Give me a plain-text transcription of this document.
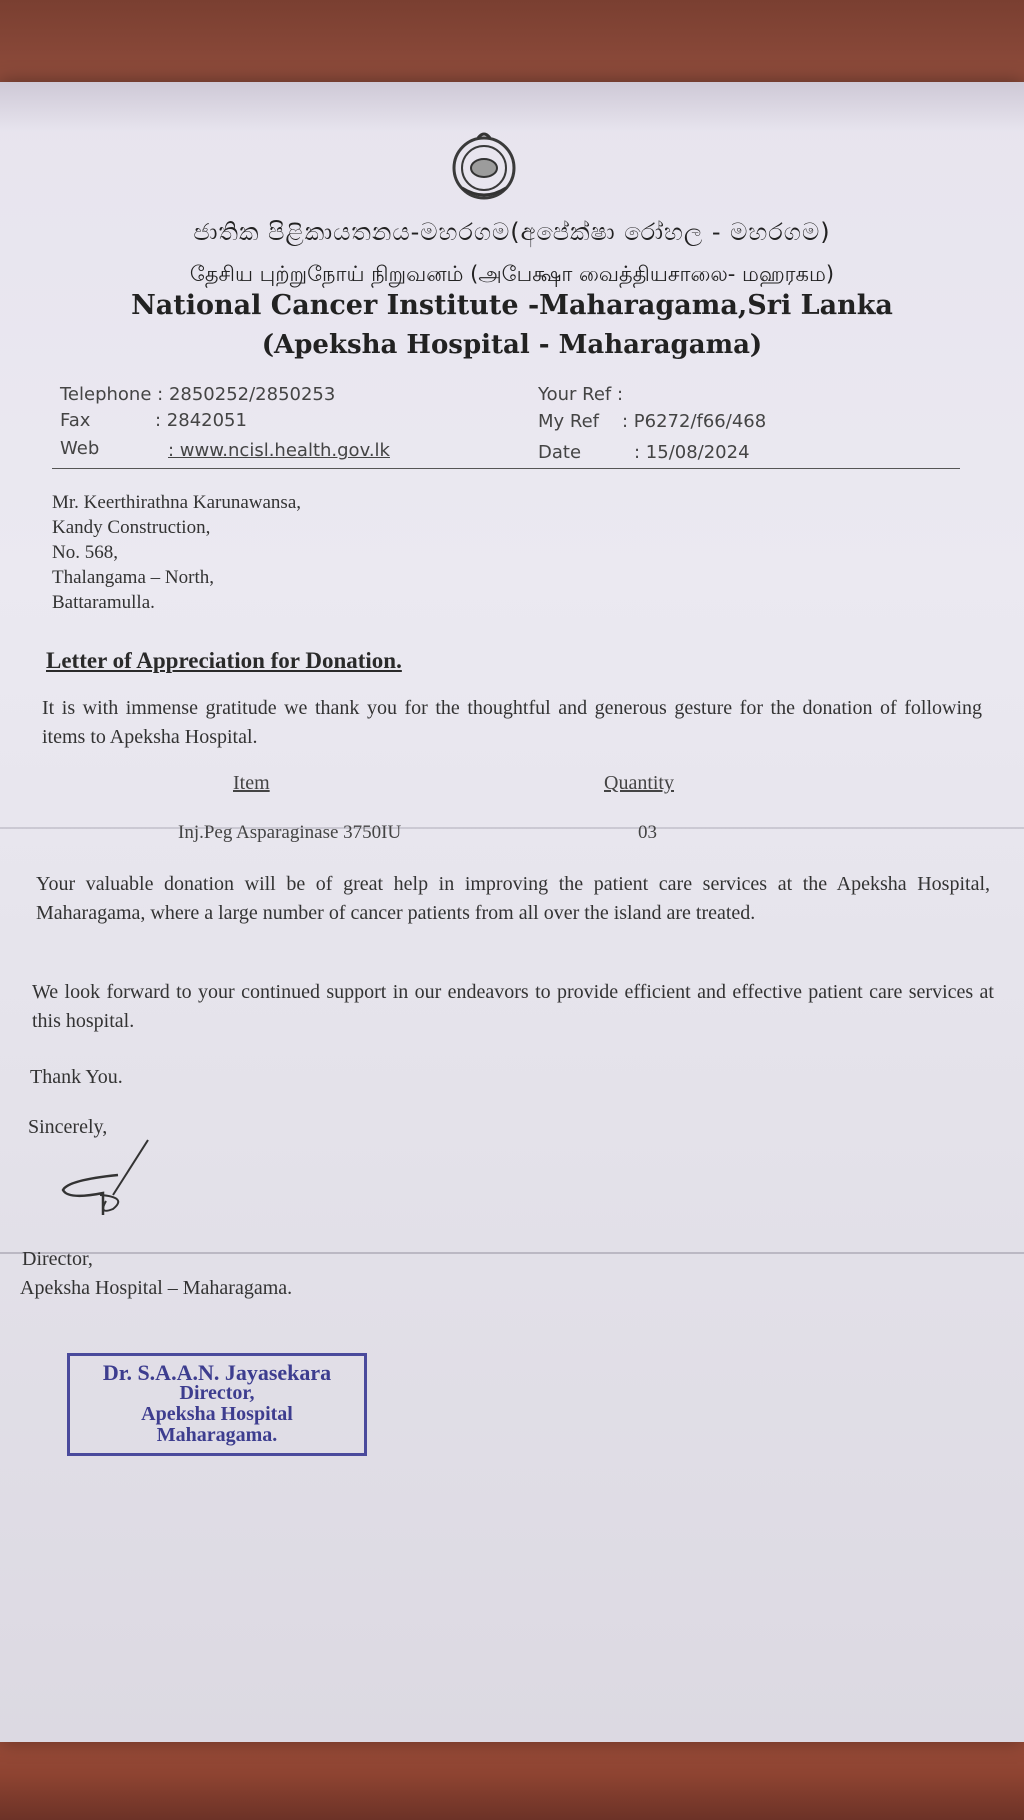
ජාතික පිළිකායතනය-මහරගම(අපේක්ෂා රෝහල - මහරගම)
தேசிய புற்றுநோய் நிறுவனம் (அபேக்ஷா வைத்தியசாலை- மஹரகம)
National Cancer Institute -Maharagama,Sri Lanka
(Apeksha Hospital - Maharagama)
Telephone : 2850252/2850253
Fax	: 2842051
Web	: www.ncisl.health.gov.lk
Your Ref :
My Ref : P6272/f66/468
Date	: 15/08/2024
Mr. Keerthirathna Karunawansa,
Kandy Construction,
No. 568,
Thalangama – North,
Battaramulla.
Letter of Appreciation for Donation.
It is with immense gratitude we thank you for the thoughtful and generous gesture for the donation of following items to Apeksha Hospital.
Item	Quantity
Inj.Peg Asparaginase 3750IU	03
Your valuable donation will be of great help in improving the patient care services at the Apeksha Hospital, Maharagama, where a large number of cancer patients from all over the island are treated.
We look forward to your continued support in our endeavors to provide efficient and effective patient care services at this hospital.
Thank You.
Sincerely,
Director,
Apeksha Hospital – Maharagama.
Dr. S.A.A.N. Jayasekara
Director,
Apeksha Hospital
Maharagama.
